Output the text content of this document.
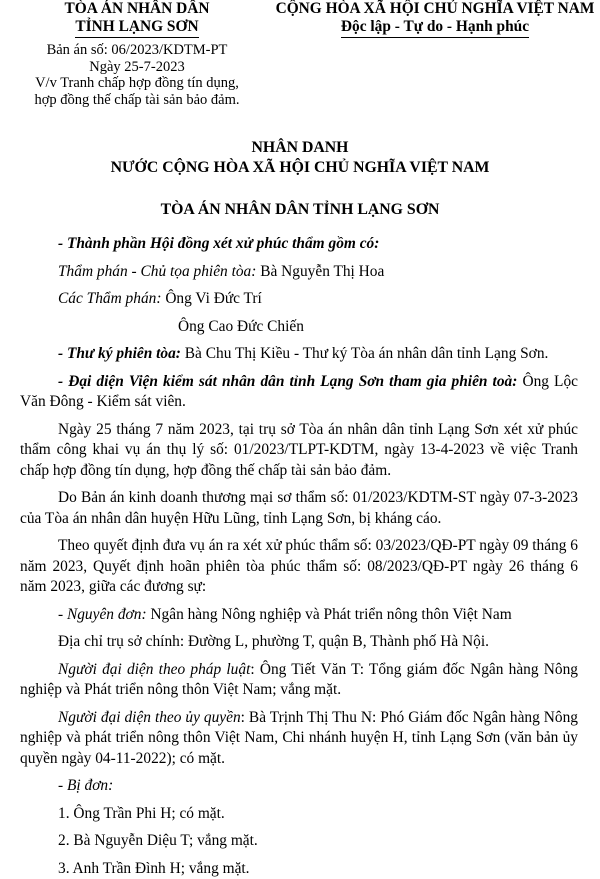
TÒA ÁN NHÂN DÂN
TỈNH LẠNG SƠN
Bản án số: 06/2023/KDTM-PT
Ngày 25-7-2023
V/v Tranh chấp hợp đồng tín dụng,
hợp đồng thế chấp tài sản bảo đảm.
CỘNG HÒA XÃ HỘI CHỦ NGHĨA VIỆT NAM
Độc lập - Tự do - Hạnh phúc
NHÂN DANH
NƯỚC CỘNG HÒA XÃ HỘI CHỦ NGHĨA VIỆT NAM
TÒA ÁN NHÂN DÂN TỈNH LẠNG SƠN

- Thành phần Hội đồng xét xử phúc thẩm gồm có:

Thẩm phán - Chủ tọa phiên tòa: Bà Nguyễn Thị Hoa

Các Thẩm phán: Ông Vi Đức Trí

Ông Cao Đức Chiến

- Thư ký phiên tòa: Bà Chu Thị Kiều - Thư ký Tòa án nhân dân tỉnh Lạng Sơn.

- Đại diện Viện kiểm sát nhân dân tỉnh Lạng Sơn tham gia phiên toà: Ông Lộc Văn Đông - Kiểm sát viên.

Ngày 25 tháng 7 năm 2023, tại trụ sở Tòa án nhân dân tỉnh Lạng Sơn xét xử phúc thẩm công khai vụ án thụ lý số: 01/2023/TLPT-KDTM, ngày 13-4-2023 về việc Tranh chấp hợp đồng tín dụng, hợp đồng thế chấp tài sản bảo đảm.

Do Bản án kinh doanh thương mại sơ thẩm số: 01/2023/KDTM-ST ngày 07-3-2023 của Tòa án nhân dân huyện Hữu Lũng, tỉnh Lạng Sơn, bị kháng cáo.

Theo quyết định đưa vụ án ra xét xử phúc thẩm số: 03/2023/QĐ-PT ngày 09 tháng 6 năm 2023, Quyết định hoãn phiên tòa phúc thẩm số: 08/2023/QĐ-PT ngày 26 tháng 6 năm 2023, giữa các đương sự:

- Nguyên đơn: Ngân hàng Nông nghiệp và Phát triển nông thôn Việt Nam

Địa chỉ trụ sở chính: Đường L, phường T, quận B, Thành phố Hà Nội.

Người đại diện theo pháp luật: Ông Tiết Văn T: Tổng giám đốc Ngân hàng Nông nghiệp và Phát triển nông thôn Việt Nam; vắng mặt.

Người đại diện theo ủy quyền: Bà Trịnh Thị Thu N: Phó Giám đốc Ngân hàng Nông nghiệp và phát triển nông thôn Việt Nam, Chi nhánh huyện H, tỉnh Lạng Sơn (văn bản ủy quyền ngày 04-11-2022); có mặt.

- Bị đơn:

1. Ông Trần Phi H; có mặt.

2. Bà Nguyễn Diệu T; vắng mặt.

3. Anh Trần Đình H; vắng mặt.
